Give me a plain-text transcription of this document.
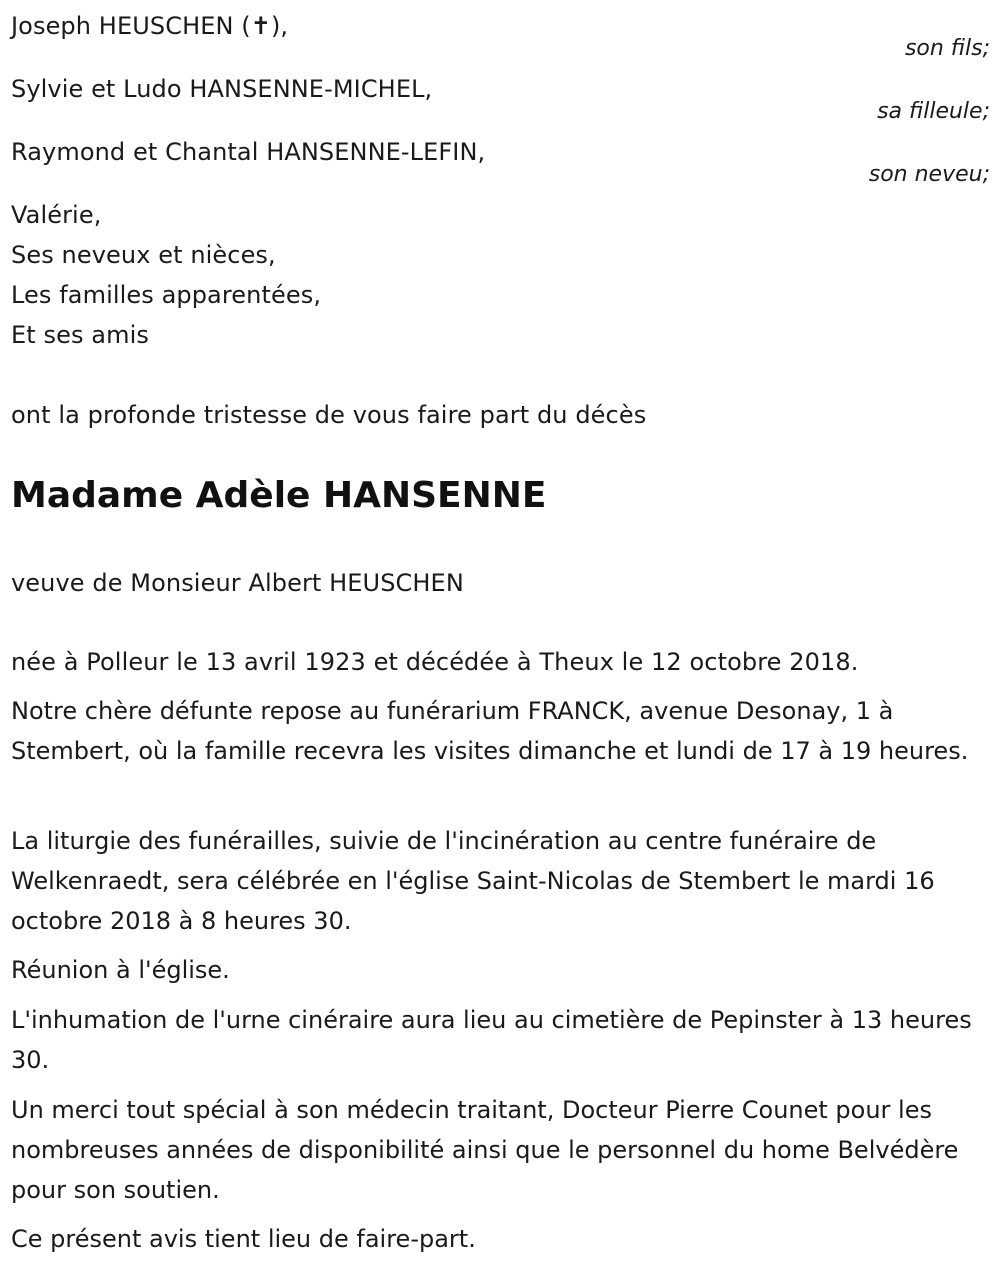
Joseph HEUSCHEN (✝),
son fils;
Sylvie et Ludo HANSENNE-MICHEL,
sa filleule;
Raymond et Chantal HANSENNE-LEFIN,
son neveu;
Valérie,
Ses neveux et nièces,
Les familles apparentées,
Et ses amis
ont la profonde tristesse de vous faire part du décès
Madame Adèle HANSENNE
veuve de Monsieur Albert HEUSCHEN
née à Polleur le 13 avril 1923 et décédée à Theux le 12 octobre 2018.
Notre chère défunte repose au funérarium FRANCK, avenue Desonay, 1 à Stembert, où la famille recevra les visites dimanche et lundi de 17 à 19 heures.
La liturgie des funérailles, suivie de l'incinération au centre funéraire de Welkenraedt, sera célébrée en l'église Saint-Nicolas de Stembert le mardi 16 octobre 2018 à 8 heures 30.
Réunion à l'église.
L'inhumation de l'urne cinéraire aura lieu au cimetière de Pepinster à 13 heures 30.
Un merci tout spécial à son médecin traitant, Docteur Pierre Counet pour les nombreuses années de disponibilité ainsi que le personnel du home Belvédère pour son soutien.
Ce présent avis tient lieu de faire-part.
